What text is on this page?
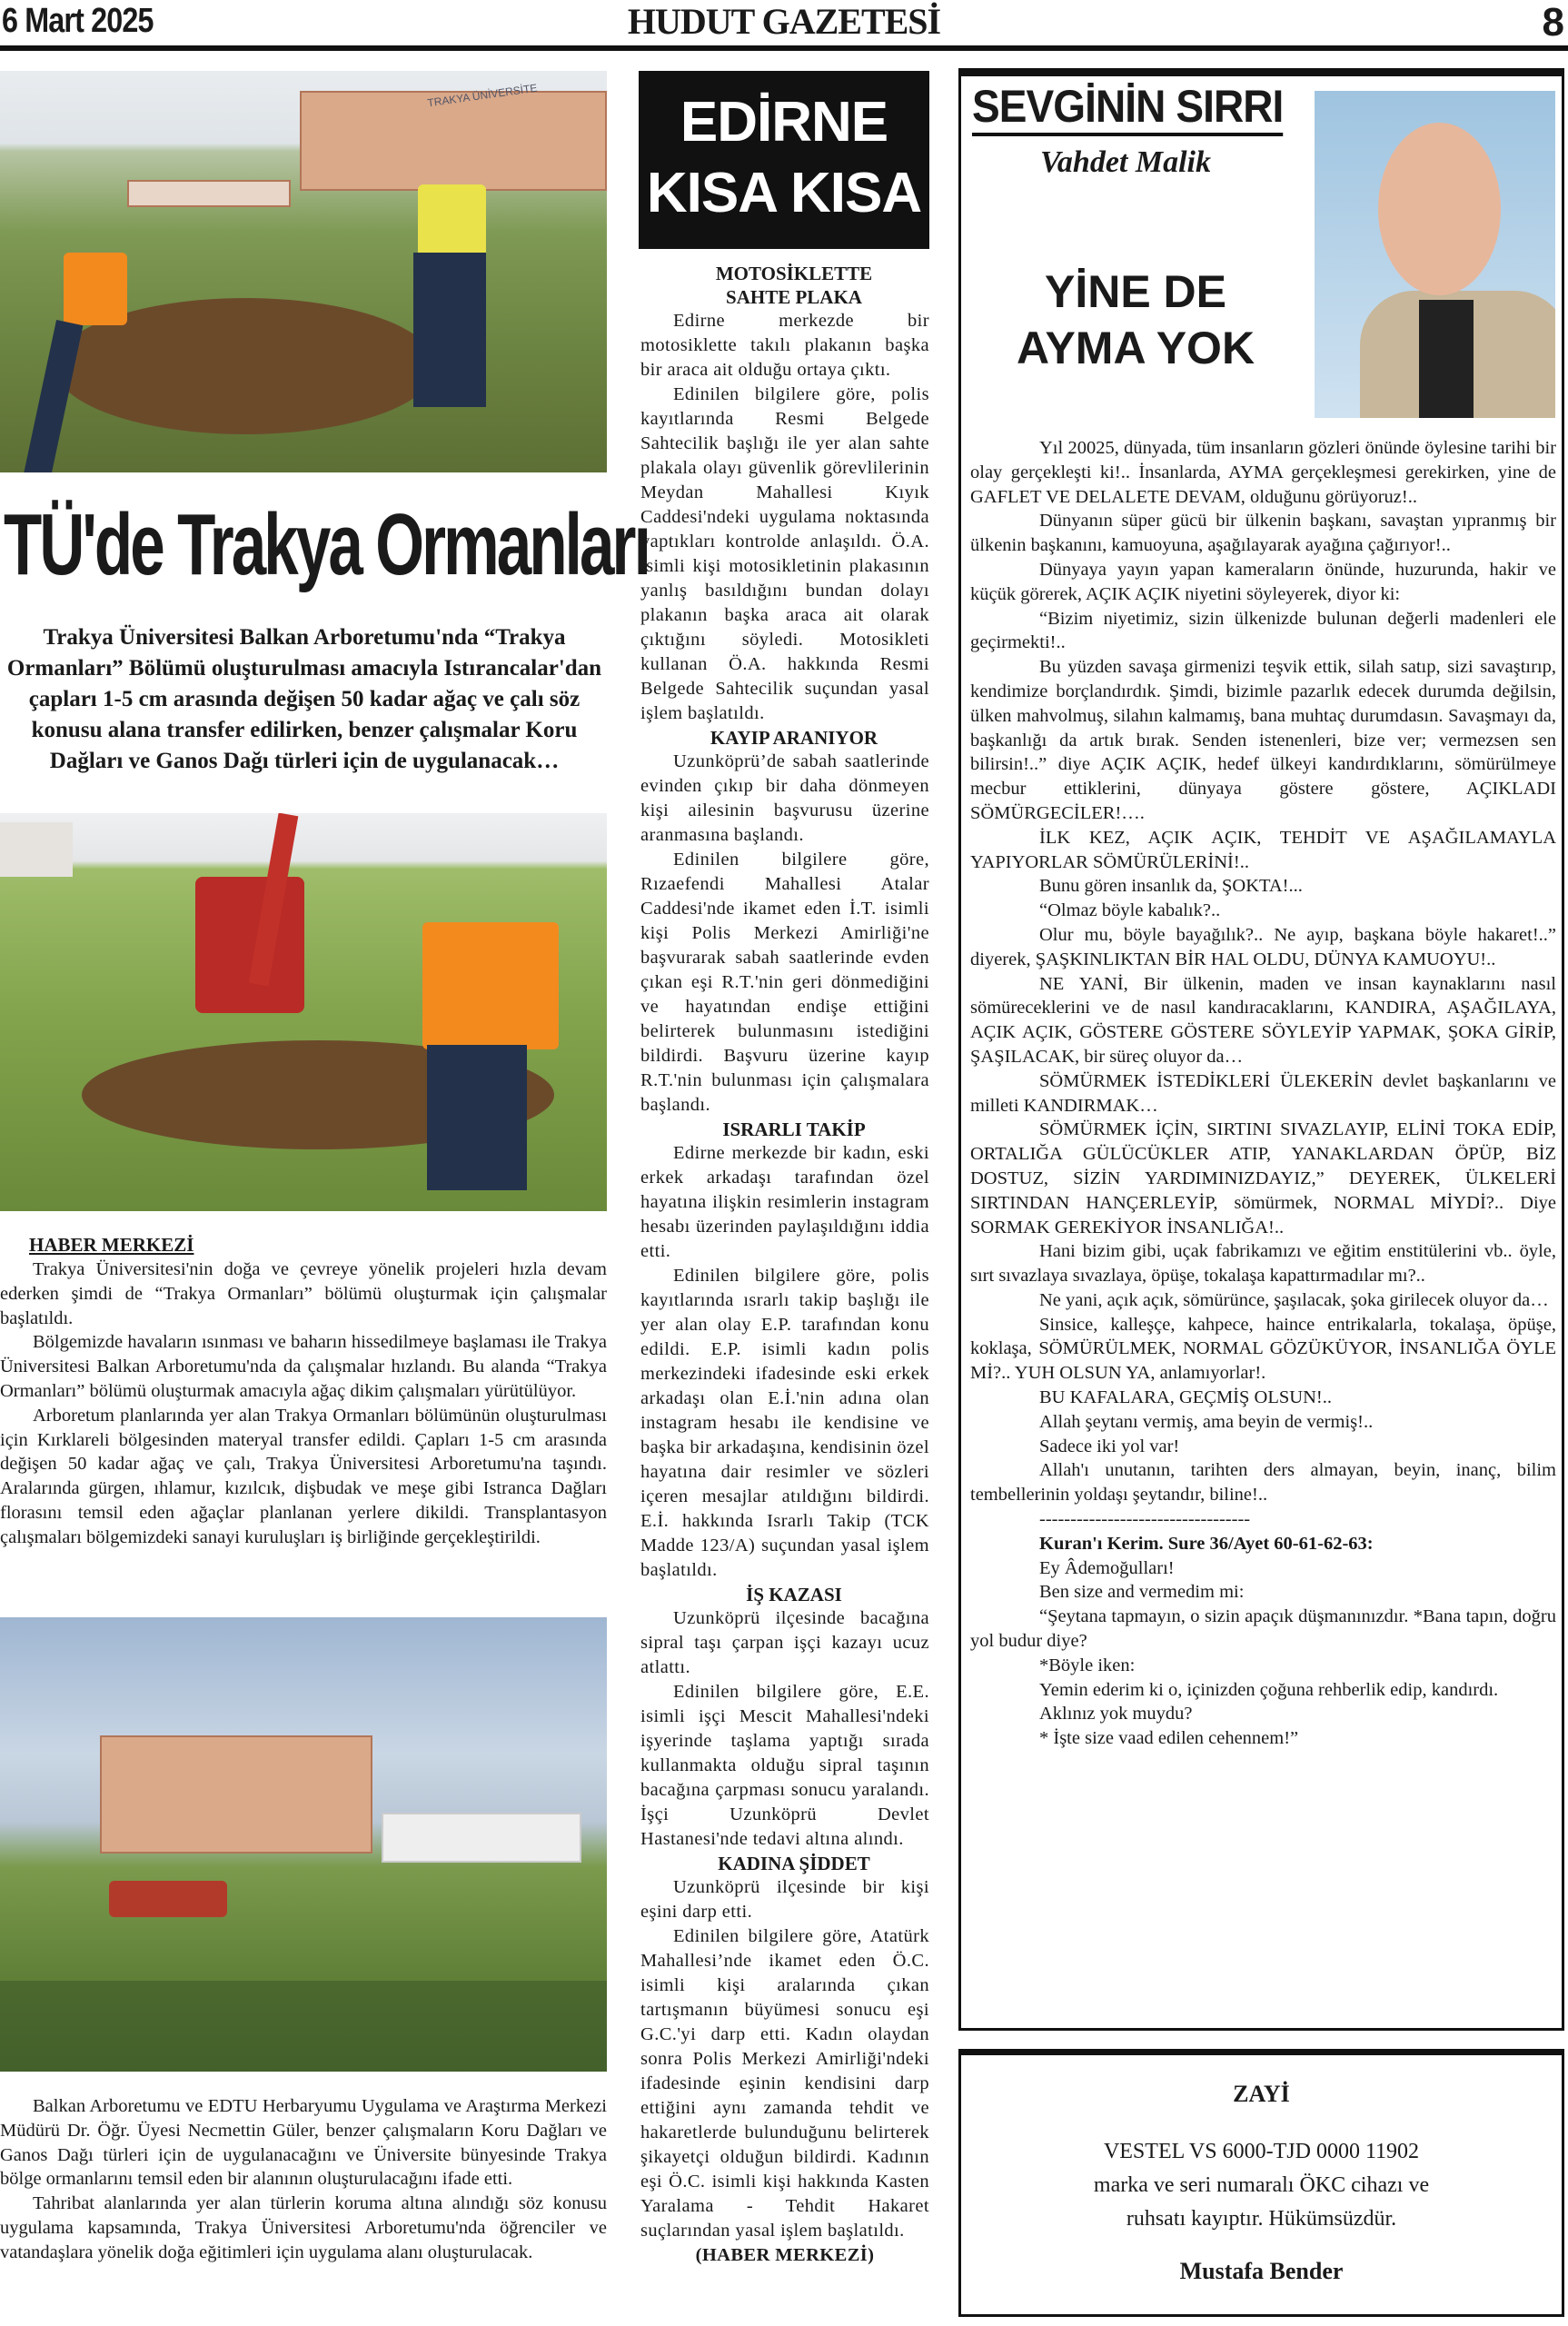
6 Mart 2025	HUDUT GAZETESİ	8
TRAKYA ÜNİVERSİTE
TÜ'de Trakya Ormanları
Trakya Üniversitesi Balkan Arboretumu'nda “Trakya Ormanları” Bölümü oluşturulması amacıyla Istırancalar'dan çapları 1-5 cm arasında değişen 50 kadar ağaç ve çalı söz konusu alana transfer edilirken, benzer çalışmalar Koru Dağları ve Ganos Dağı türleri için de uygulanacak…
HABER MERKEZİ

Trakya Üniversitesi'nin doğa ve çevreye yönelik projeleri hızla devam ederken şimdi de “Trakya Ormanları” bölümü oluşturmak için çalışmalar başlatıldı.

Bölgemizde havaların ısınması ve baharın hissedilmeye başlaması ile Trakya Üniversitesi Balkan Arboretumu'nda da çalışmalar hızlandı. Bu alanda “Trakya Ormanları” bölümü oluşturmak amacıyla ağaç dikim çalışmaları yürütülüyor.

Arboretum planlarında yer alan Trakya Ormanları bölümünün oluşturulması için Kırklareli bölgesinden materyal transfer edildi. Çapları 1-5 cm arasında değişen 50 kadar ağaç ve çalı, Trakya Üniversitesi Arboretumu'na taşındı. Aralarında gürgen, ıhlamur, kızılcık, dişbudak ve meşe gibi Istranca Dağları florasını temsil eden ağaçlar planlanan yerlere dikildi. Transplantasyon çalışmaları bölgemizdeki sanayi kuruluşları iş birliğinde gerçekleştirildi.

Balkan Arboretumu ve EDTU Herbaryumu Uygulama ve Araştırma Merkezi Müdürü Dr. Öğr. Üyesi Necmettin Güler, benzer çalışmaların Koru Dağları ve Ganos Dağı türleri için de uygulanacağını ve Üniversite bünyesinde Trakya bölge ormanlarını temsil eden bir alanının oluşturulacağını ifade etti.

Tahribat alanlarında yer alan türlerin koruma altına alındığı söz konusu uygulama kapsamında, Trakya Üniversitesi Arboretumu'nda öğrenciler ve vatandaşlara yönelik doğa eğitimleri için uygulama alanı oluşturulacak.

EDİRNE
KISA KISA
MOTOSİKLETTE
SAHTE PLAKA

Edirne merkezde bir motosiklette takılı plakanın başka bir araca ait olduğu ortaya çıktı.

Edinilen bilgilere göre, polis kayıtlarında Resmi Belgede Sahtecilik başlığı ile yer alan sahte plakala olayı güvenlik görevlilerinin Meydan Mahallesi Kıyık Caddesi'ndeki uygulama noktasında yaptıkları kontrolde anlaşıldı. Ö.A. isimli kişi motosikletinin plakasının yanlış basıldığını bundan dolayı plakanın başka araca ait olarak çıktığını söyledi. Motosikleti kullanan Ö.A. hakkında Resmi Belgede Sahtecilik suçundan yasal işlem başlatıldı.

KAYIP ARANIYOR

Uzunköprü’de sabah saatlerinde evinden çıkıp bir daha dönmeyen kişi ailesinin başvurusu üzerine aranmasına başlandı.

Edinilen bilgilere göre, Rızaefendi Mahallesi Atalar Caddesi'nde ikamet eden İ.T. isimli kişi Polis Merkezi Amirliği'ne başvurarak sabah saatlerinde evden çıkan eşi R.T.'nin geri dönmediğini ve hayatından endişe ettiğini belirterek bulunmasını istediğini bildirdi. Başvuru üzerine kayıp R.T.'nin bulunması için çalışmalara başlandı.

ISRARLI TAKİP

Edirne merkezde bir kadın, eski erkek arkadaşı tarafından özel hayatına ilişkin resimlerin instagram hesabı üzerinden paylaşıldığını iddia etti.

Edinilen bilgilere göre, polis kayıtlarında ısrarlı takip başlığı ile yer alan olay E.P. tarafından konu edildi. E.P. isimli kadın polis merkezindeki ifadesinde eski erkek arkadaşı olan E.İ.'nin adına olan instagram hesabı ile kendisine ve başka bir arkadaşına, kendisinin özel hayatına dair resimler ve sözleri içeren mesajlar atıldığını bildirdi. E.İ. hakkında Israrlı Takip (TCK Madde 123/A) suçundan yasal işlem başlatıldı.

İŞ KAZASI

Uzunköprü ilçesinde bacağına sipral taşı çarpan işçi kazayı ucuz atlattı.

Edinilen bilgilere göre, E.E. isimli işçi Mescit Mahallesi'ndeki işyerinde taşlama yaptığı sırada kullanmakta olduğu sipral taşının bacağına çarpması sonucu yaralandı. İşçi Uzunköprü Devlet Hastanesi'nde tedavi altına alındı.

KADINA ŞİDDET

Uzunköprü ilçesinde bir kişi eşini darp etti.

Edinilen bilgilere göre, Atatürk Mahallesi’nde ikamet eden Ö.C. isimli kişi aralarında çıkan tartışmanın büyümesi sonucu eşi G.C.'yi darp etti. Kadın olaydan sonra Polis Merkezi Amirliği'ndeki ifadesinde eşinin kendisini darp ettiğini aynı zamanda tehdit ve hakaretlerde bulunduğunu belirterek şikayetçi olduğun bildirdi. Kadının eşi Ö.C. isimli kişi hakkında Kasten Yaralama - Tehdit Hakaret suçlarından yasal işlem başlatıldı.

(HABER MERKEZİ)

SEVGİNİN SIRRI
Vahdet Malik
YİNE DE
AYMA YOK

Yıl 20025, dünyada, tüm insanların gözleri önünde öylesine tarihi bir olay gerçekleşti ki!.. İnsanlarda, AYMA gerçekleşmesi gerekirken, yine de GAFLET VE DELALETE DEVAM, olduğunu görüyoruz!..

Dünyanın süper gücü bir ülkenin başkanı, savaştan yıpranmış bir ülkenin başkanını, kamuoyuna, aşağılayarak ayağına çağırıyor!..

Dünyaya yayın yapan kameraların önünde, huzurunda, hakir ve küçük görerek, AÇIK AÇIK niyetini söyleyerek, diyor ki:

“Bizim niyetimiz, sizin ülkenizde bulunan değerli madenleri ele geçirmekti!..

Bu yüzden savaşa girmenizi teşvik ettik, silah satıp, sizi savaştırıp, kendimize borçlandırdık. Şimdi, bizimle pazarlık edecek durumda değilsin, ülken mahvolmuş, silahın kalmamış, bana muhtaç durumdasın. Savaşmayı da, başkanlığı da artık bırak. Senden istenenleri, bize ver; vermezsen sen bilirsin!..” diye AÇIK AÇIK, hedef ülkeyi kandırdıklarını, sömürülmeye mecbur ettiklerini, dünyaya göstere göstere, AÇIKLADI SÖMÜRGECİLER!….

İLK KEZ, AÇIK AÇIK, TEHDİT VE AŞAĞILAMAYLA YAPIYORLAR SÖMÜRÜLERİNİ!..

Bunu gören insanlık da, ŞOKTA!...

“Olmaz böyle kabalık?..

Olur mu, böyle bayağılık?.. Ne ayıp, başkana böyle hakaret!..” diyerek, ŞAŞKINLIKTAN BİR HAL OLDU, DÜNYA KAMUOYU!..

NE YANİ, Bir ülkenin, maden ve insan kaynaklarını nasıl sömüreceklerini ve de nasıl kandıracaklarını, KANDIRA, AŞAĞILAYA, AÇIK AÇIK, GÖSTERE GÖSTERE SÖYLEYİP YAPMAK, ŞOKA GİRİP, ŞAŞILACAK, bir süreç oluyor da…

SÖMÜRMEK İSTEDİKLERİ ÜLEKERİN devlet başkanlarını ve milleti KANDIRMAK…

SÖMÜRMEK İÇİN, SIRTINI SIVAZLAYIP, ELİNİ TOKA EDİP, ORTALIĞA GÜLÜCÜKLER ATIP, YANAKLARDAN ÖPÜP, BİZ DOSTUZ, SİZİN YARDIMINIZDAYIZ,” DEYEREK, ÜLKELERİ SIRTINDAN HANÇERLEYİP, sömürmek, NORMAL MİYDİ?.. Diye SORMAK GEREKİYOR İNSANLIĞA!..

Hani bizim gibi, uçak fabrikamızı ve eğitim enstitülerini vb.. öyle, sırt sıvazlaya sıvazlaya, öpüşe, tokalaşa kapattırmadılar mı?..

Ne yani, açık açık, sömürünce, şaşılacak, şoka girilecek oluyor da…

Sinsice, kalleşçe, kahpece, haince entrikalarla, tokalaşa, öpüşe, koklaşa, SÖMÜRÜLMEK, NORMAL GÖZÜKÜYOR, İNSANLIĞA ÖYLE Mİ?.. YUH OLSUN YA, anlamıyorlar!.

BU KAFALARA, GEÇMİŞ OLSUN!..

Allah şeytanı vermiş, ama beyin de vermiş!..

Sadece iki yol var!

Allah'ı unutanın, tarihten ders almayan, beyin, inanç, bilim tembellerinin yoldaşı şeytandır, biline!..

----------------------------------

Kuran'ı Kerim. Sure 36/Ayet 60-61-62-63:

Ey Âdemoğulları!

Ben size and vermedim mi:

“Şeytana tapmayın, o sizin apaçık düşmanınızdır. *Bana tapın, doğru yol budur diye?

*Böyle iken:

Yemin ederim ki o, içinizden çoğuna rehberlik edip, kandırdı.

Aklınız yok muydu?

* İşte size vaad edilen cehennem!”

ZAYİ
VESTEL VS 6000-TJD 0000 11902
marka ve seri numaralı ÖKC cihazı ve
ruhsatı kayıptır. Hükümsüzdür.
Mustafa Bender
